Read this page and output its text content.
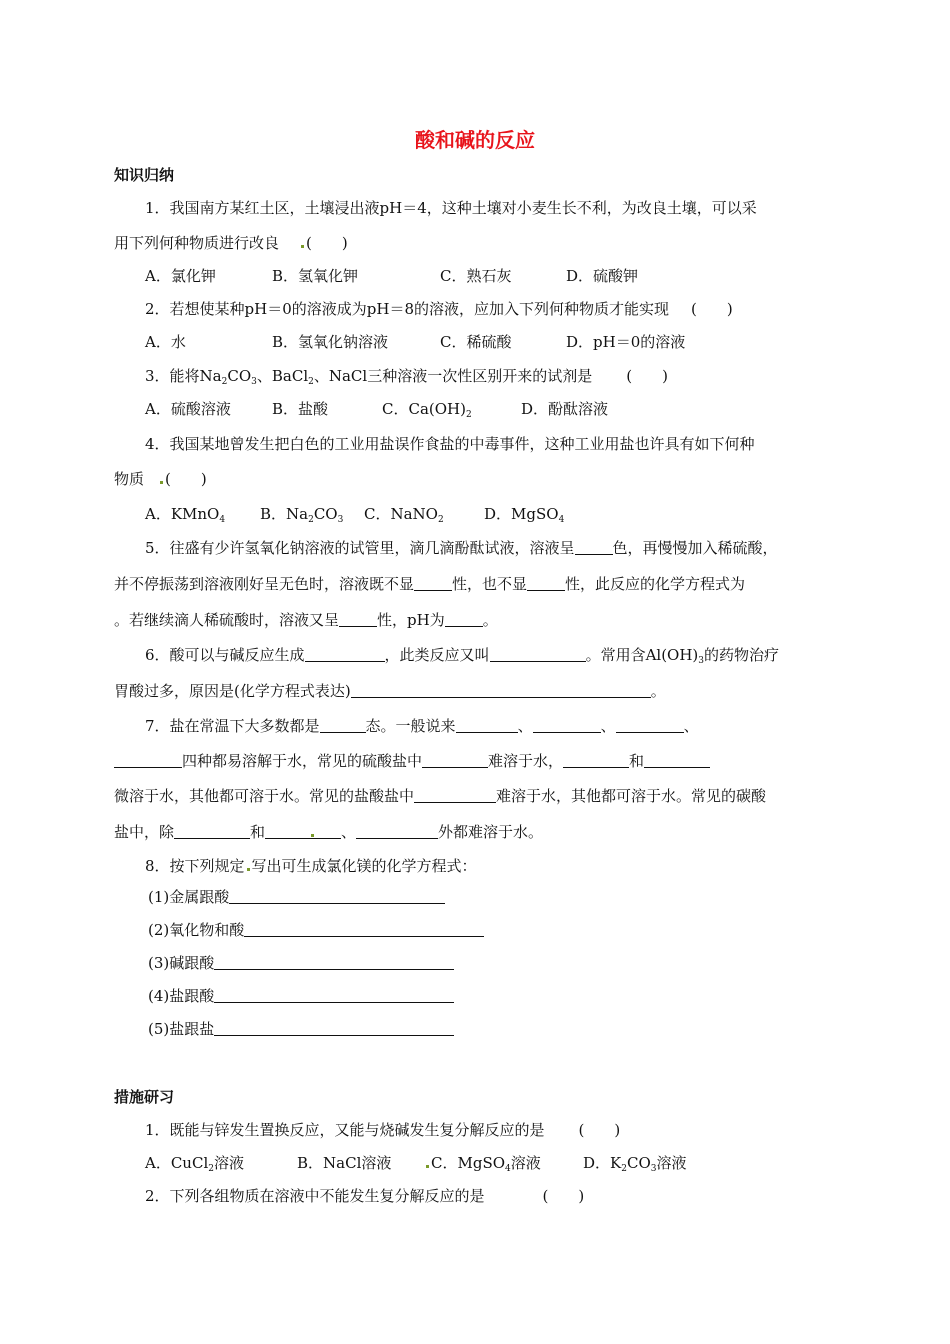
酸和碱的反应
知识归纳
1．我国南方某红土区，土壤浸出液pH＝4，这种土壤对小麦生长不利，为改良土壤，可以采
用下列何种物质进行改良 (　　)
A．氯化钾	B．氢氧化钾	C．熟石灰	D．硫酸钾
2．若想使某种pH＝0的溶液成为pH＝8的溶液，应加入下列何种物质才能实现 (　　)
A．水	B．氢氧化钠溶液	C．稀硫酸	D．pH＝0的溶液
3．能将$Na_2CO_3$、BaCl$_2$、NaCl三种溶液一次性区别开来的试剂是 (　　)
A．硫酸溶液	B．盐酸	C．$Ca(OH)_2$	D．酚酞溶液
4．我国某地曾发生把白色的工业用盐误作食盐的中毒事件，这种工业用盐也许具有如下何种
物质 (　　)
A．KMnO$_4$ B．$Na_2CO_3$ C．NaNO$_2$	D．MgSO$_4$
5．往盛有少许氢氧化钠溶液的试管里，滴几滴酚酞试液，溶液呈	色，再慢慢加入稀硫酸，
并不停振荡到溶液刚好呈无色时，溶液既不显	性，也不显	性，此反应的化学方程式为
。若继续滴人稀硫酸时，溶液又呈	性，pH为	。
6．酸可以与碱反应生成	，此类反应又叫	。常用含$Al(OH)_3$的药物治疗
胃酸过多，原因是(化学方程式表达)	。
7．盐在常温下大多数都是	态。一般说来	、	、	、
四种都易溶解于水，常见的硫酸盐中	难溶于水，	和
微溶于水，其他都可溶于水。常见的盐酸盐中	难溶于水，其他都可溶于水。常见的碳酸
盐中，除	和	、	外都难溶于水。
8．按下列规定 写出可生成氯化镁的化学方程式：
(1)金属跟酸
(2)氧化物和酸
(3)碱跟酸
(4)盐跟酸
(5)盐跟盐
措施研习
1．既能与锌发生置换反应，又能与烧碱发生复分解反应的是 (　　)
A．CuCl$_2$溶液	B．NaCl溶液	C．MgSO$_4$溶液	D．$K_2CO_3$溶液
2．下列各组物质在溶液中不能发生复分解反应的是	(　　)
